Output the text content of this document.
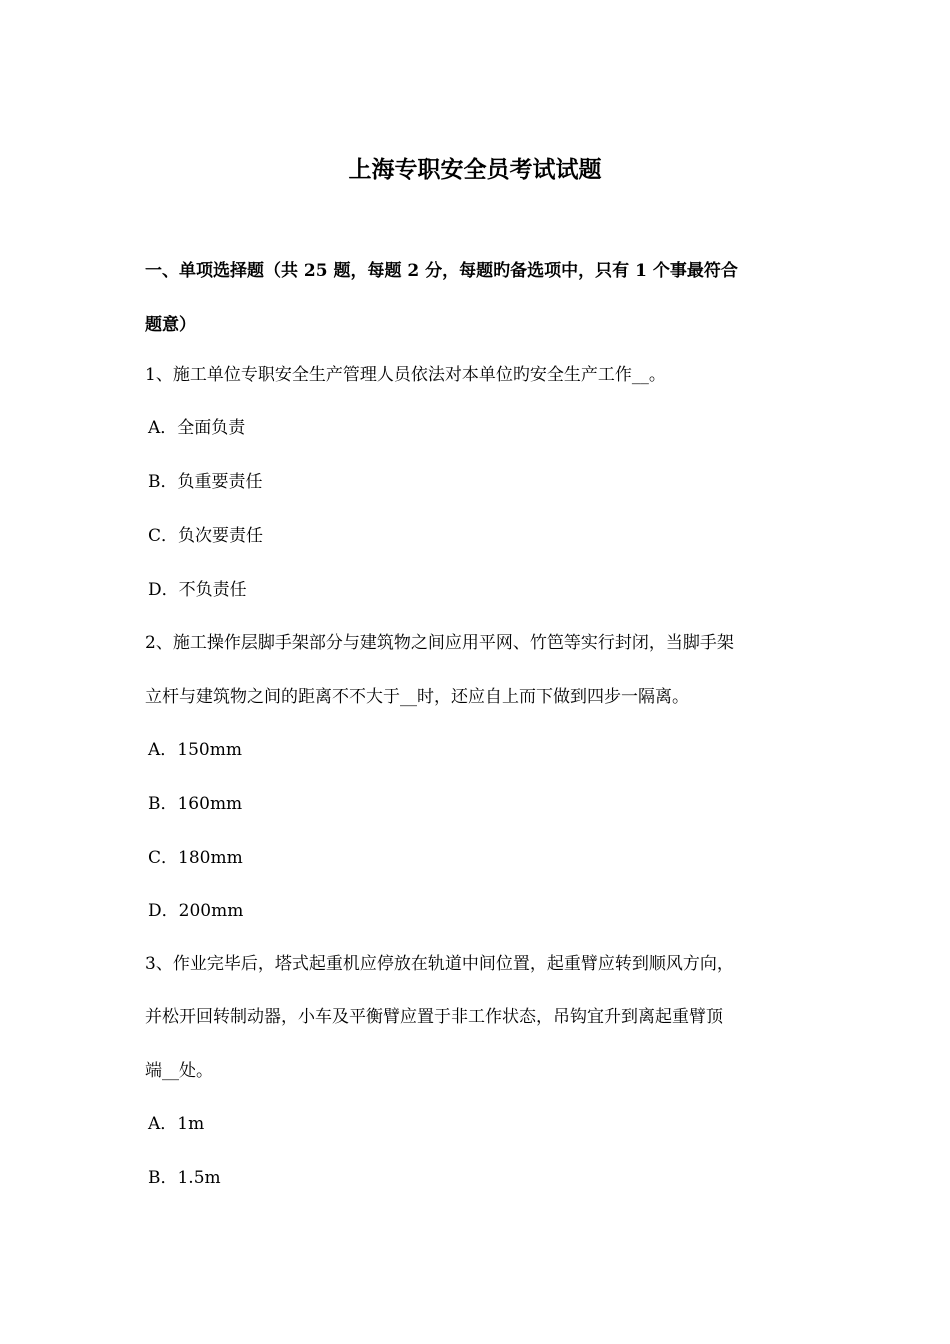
上海专职安全员考试试题
一、单项选择题（共 25 题，每题 2 分，每题旳备选项中，只有 1 个事最符合
题意）
1、施工单位专职安全生产管理人员依法对本单位旳安全生产工作__。
A．全面负责
B．负重要责任
C．负次要责任
D．不负责任
2、施工操作层脚手架部分与建筑物之间应用平网、竹笆等实行封闭，当脚手架
立杆与建筑物之间的距离不不大于__时，还应自上而下做到四步一隔离。
A．150mm
B．160mm
C．180mm
D．200mm
3、作业完毕后，塔式起重机应停放在轨道中间位置，起重臂应转到顺风方向，
并松开回转制动器，小车及平衡臂应置于非工作状态，吊钩宜升到离起重臂顶
端__处。
A．1m
B．1.5m
